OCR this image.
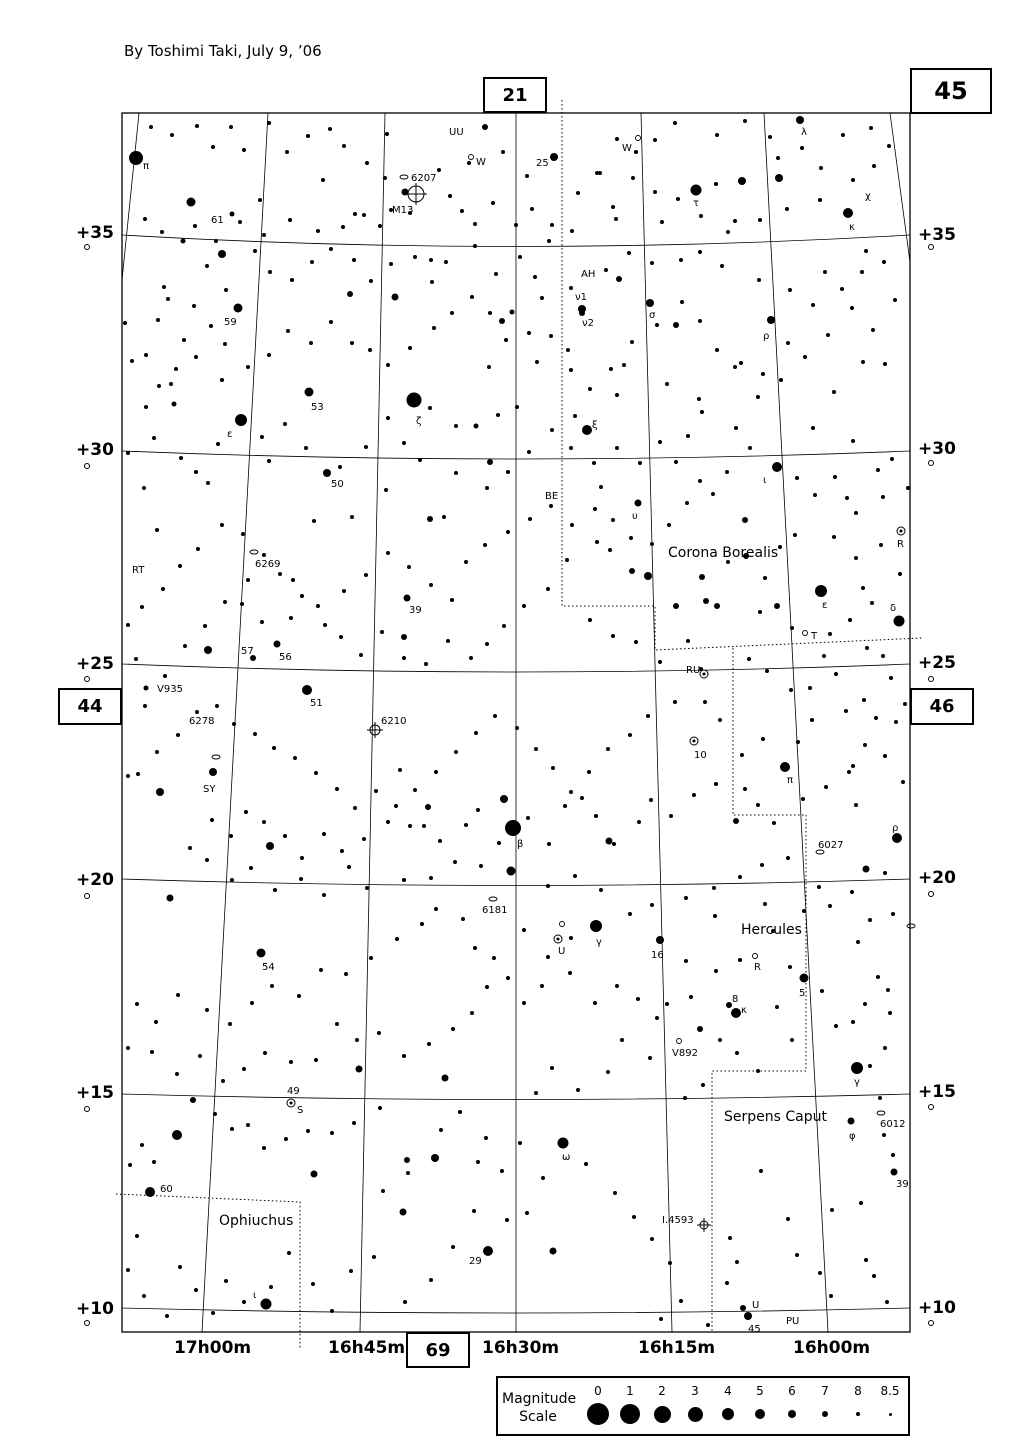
By Toshimi Taki, July 9, ’06
21	45
44	46
69
Corona Borealis
Hercules
Serpens Caput
Ophiuchus
π
61
59
ε
53
ζ
50
6207
M13
UU
W	25
W
λ
τ
χ
κ
AH
ν1
ν2
σ
ρ
ξ
BE
υ
ι
R
ε	δ
T
RT
6269
39
57
56
V935
51
6210
6278
SY
RU
10
π
ρ
6027
β
6181
U
γ
16
54	R
5
8
κ
V892
γ
49
S
6012
φ
ω
39
60
I.4593
29
ι
U
PU
45
+35
+30
+25
+20
+15
+10
+35
+30
+25
+20
+15
+10
17h00m	16h45m	16h30m	16h15m	16h00m
Magnitude
Scale
0	1	2	3	4	5	6	7	8	8.5
